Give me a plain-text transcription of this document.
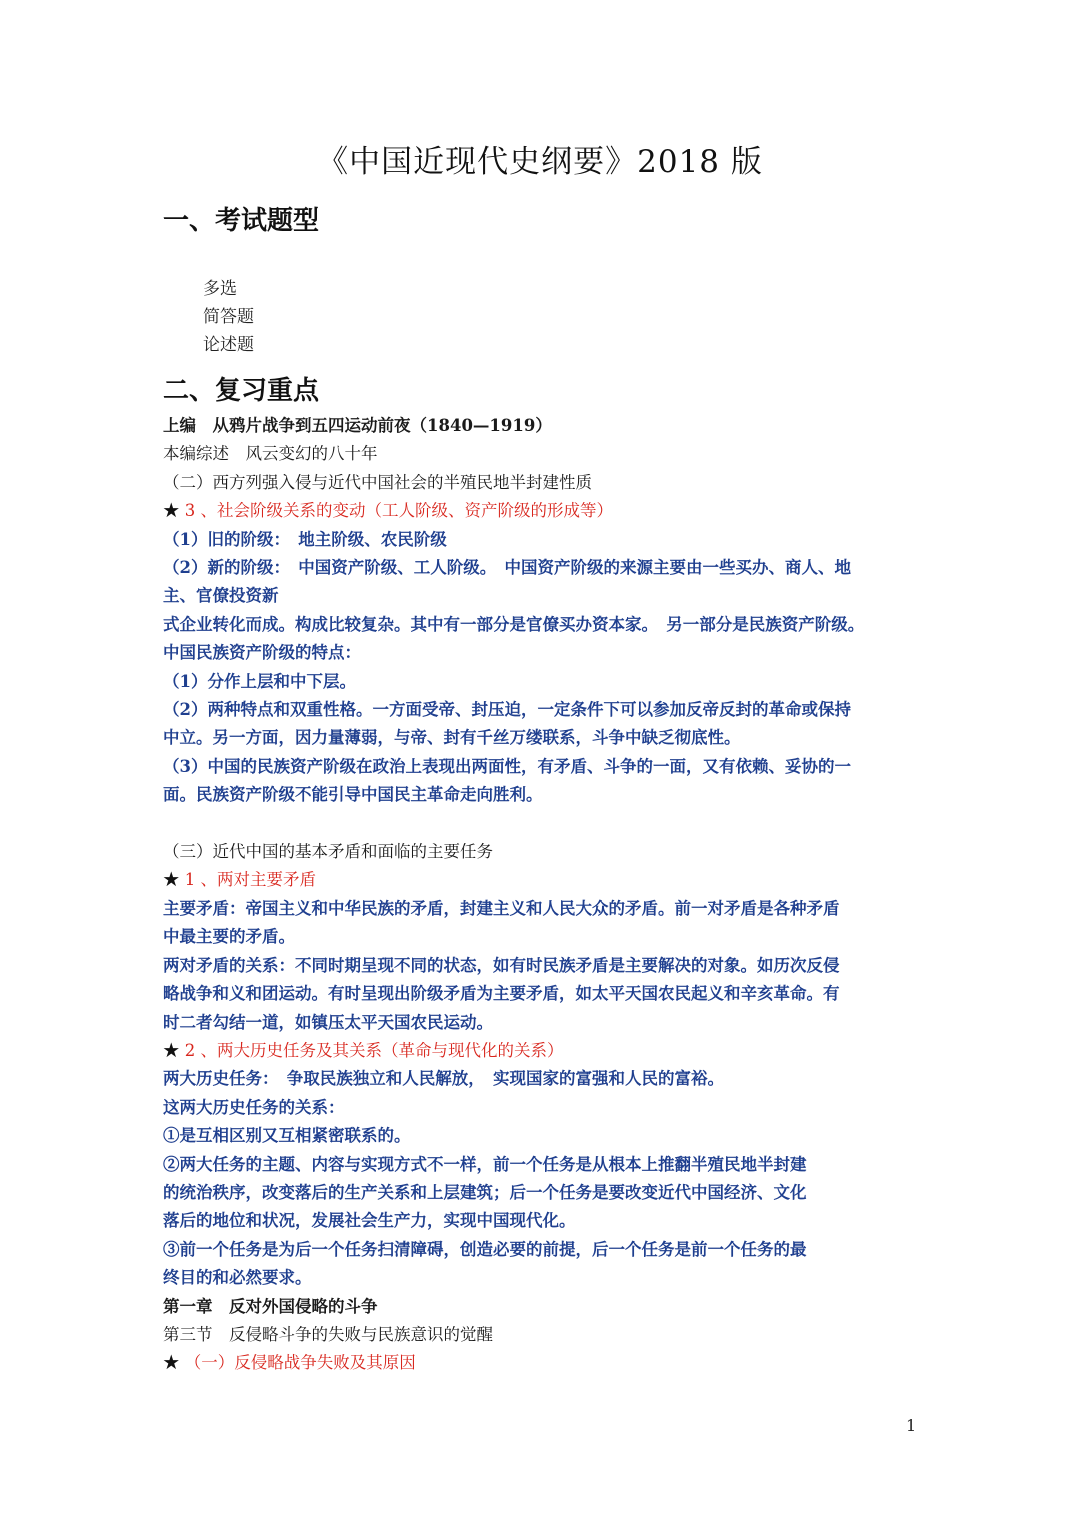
《中国近现代史纲要》2018 版
一、考试题型
多选
简答题
论述题
二、复习重点

上编　从鸦片战争到五四运动前夜（1840—1919）

本编综述　风云变幻的八十年

（二）西方列强入侵与近代中国社会的半殖民地半封建性质

★ 3 、社会阶级关系的变动（工人阶级、资产阶级的形成等）

（1）旧的阶级：　地主阶级、农民阶级

（2）新的阶级：　中国资产阶级、工人阶级。　中国资产阶级的来源主要由一些买办、商人、地

主、官僚投资新

式企业转化而成。构成比较复杂。其中有一部分是官僚买办资本家。　另一部分是民族资产阶级。

中国民族资产阶级的特点：

（1）分作上层和中下层。

（2）两种特点和双重性格。一方面受帝、封压迫，一定条件下可以参加反帝反封的革命或保持

中立。另一方面，因力量薄弱，与帝、封有千丝万缕联系，斗争中缺乏彻底性。

（3）中国的民族资产阶级在政治上表现出两面性，有矛盾、斗争的一面，又有依赖、妥协的一

面。民族资产阶级不能引导中国民主革命走向胜利。

（三）近代中国的基本矛盾和面临的主要任务

★ 1 、两对主要矛盾

主要矛盾：帝国主义和中华民族的矛盾，封建主义和人民大众的矛盾。前一对矛盾是各种矛盾

中最主要的矛盾。

两对矛盾的关系：不同时期呈现不同的状态，如有时民族矛盾是主要解决的对象。如历次反侵

略战争和义和团运动。有时呈现出阶级矛盾为主要矛盾，如太平天国农民起义和辛亥革命。有

时二者勾结一道，如镇压太平天国农民运动。

★ 2 、两大历史任务及其关系（革命与现代化的关系）

两大历史任务：　争取民族独立和人民解放，　实现国家的富强和人民的富裕。

这两大历史任务的关系：

①是互相区别又互相紧密联系的。

②两大任务的主题、内容与实现方式不一样，前一个任务是从根本上推翻半殖民地半封建

的统治秩序，改变落后的生产关系和上层建筑；后一个任务是要改变近代中国经济、文化

落后的地位和状况，发展社会生产力，实现中国现代化。

③前一个任务是为后一个任务扫清障碍，创造必要的前提，后一个任务是前一个任务的最

终目的和必然要求。

第一章　反对外国侵略的斗争

第三节　反侵略斗争的失败与民族意识的觉醒

★ （一）反侵略战争失败及其原因

1
